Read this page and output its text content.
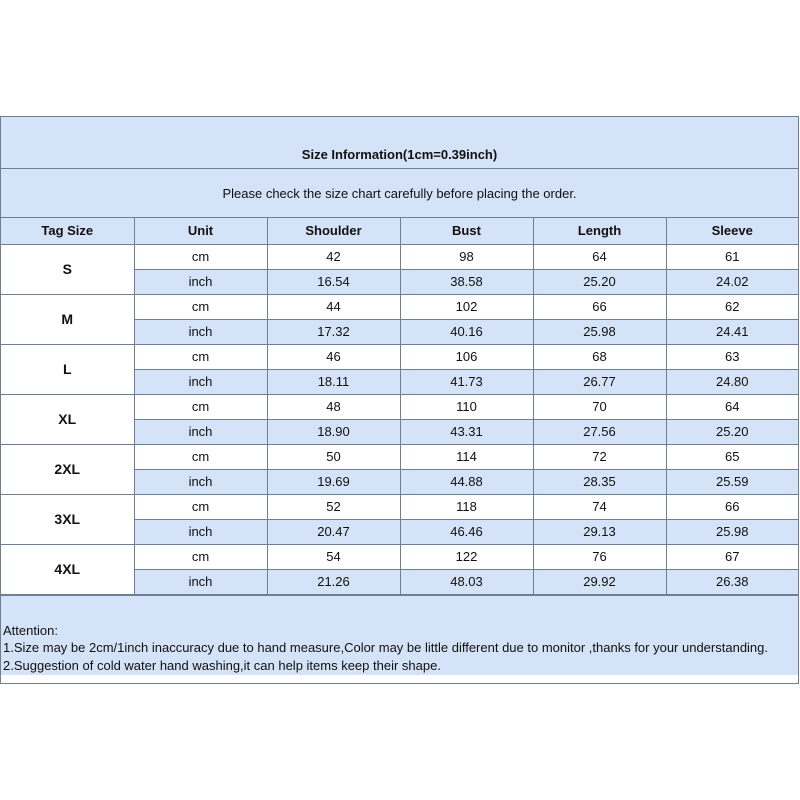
Size Information(1cm=0.39inch)
Please check the size chart carefully before placing the order.
Tag Size	Unit	Shoulder	Bust	Length	Sleeve
S	cm	42	98	64	61
	inch	16.54	38.58	25.20	24.02
M	cm	44	102	66	62
	inch	17.32	40.16	25.98	24.41
L	cm	46	106	68	63
	inch	18.11	41.73	26.77	24.80
XL	cm	48	110	70	64
	inch	18.90	43.31	27.56	25.20
2XL	cm	50	114	72	65
	inch	19.69	44.88	28.35	25.59
3XL	cm	52	118	74	66
	inch	20.47	46.46	29.13	25.98
4XL	cm	54	122	76	67
	inch	21.26	48.03	29.92	26.38
Attention:
1.Size may be 2cm/1inch inaccuracy due to hand measure,Color may be little different due to monitor ,thanks for your understanding.
2.Suggestion of cold water hand washing,it can help items keep their shape.
